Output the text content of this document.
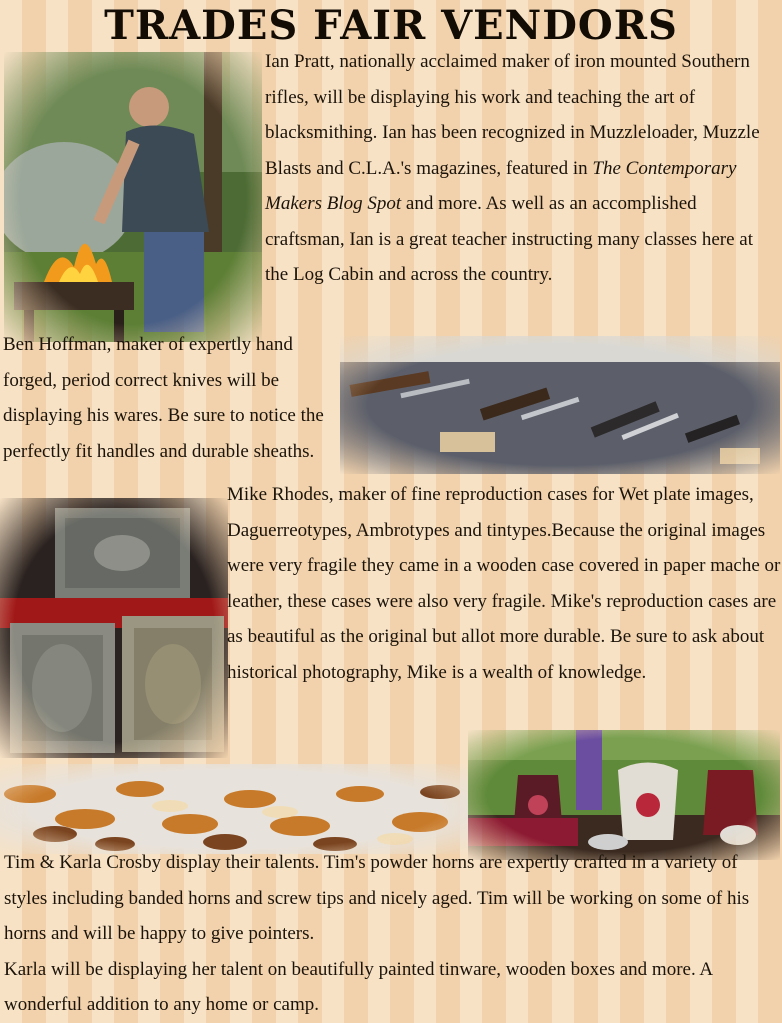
TRADES FAIR VENDORS

Ian Pratt, nationally acclaimed maker of iron mounted Southern rifles, will be displaying his work and teaching the art of blacksmithing. Ian has been recognized in Muzzleloader, Muzzle Blasts and C.L.A.'s magazines, featured in The Contemporary Makers Blog Spot and more. As well as an accomplished craftsman, Ian is a great teacher instructing many classes here at the Log Cabin and across the country.

Ben Hoffman, maker of expertly hand forged, period correct knives will be displaying his wares. Be sure to notice the perfectly fit handles and durable sheaths.

Mike Rhodes, maker of fine reproduction cases for Wet plate images, Daguerreotypes, Ambrotypes and tintypes.Because the original images were very fragile they came in a wooden case covered in paper mache or leather, these cases were also very fragile. Mike's reproduction cases are as beautiful as the original but allot more durable. Be sure to ask about historical photography, Mike is a wealth of knowledge.

Tim & Karla Crosby display their talents. Tim's powder horns are expertly crafted in a variety of styles including banded horns and screw tips and nicely aged. Tim will be working on some of his horns and will be happy to give pointers.
Karla will be displaying her talent on beautifully painted tinware, wooden boxes and more. A wonderful addition to any home or camp.
